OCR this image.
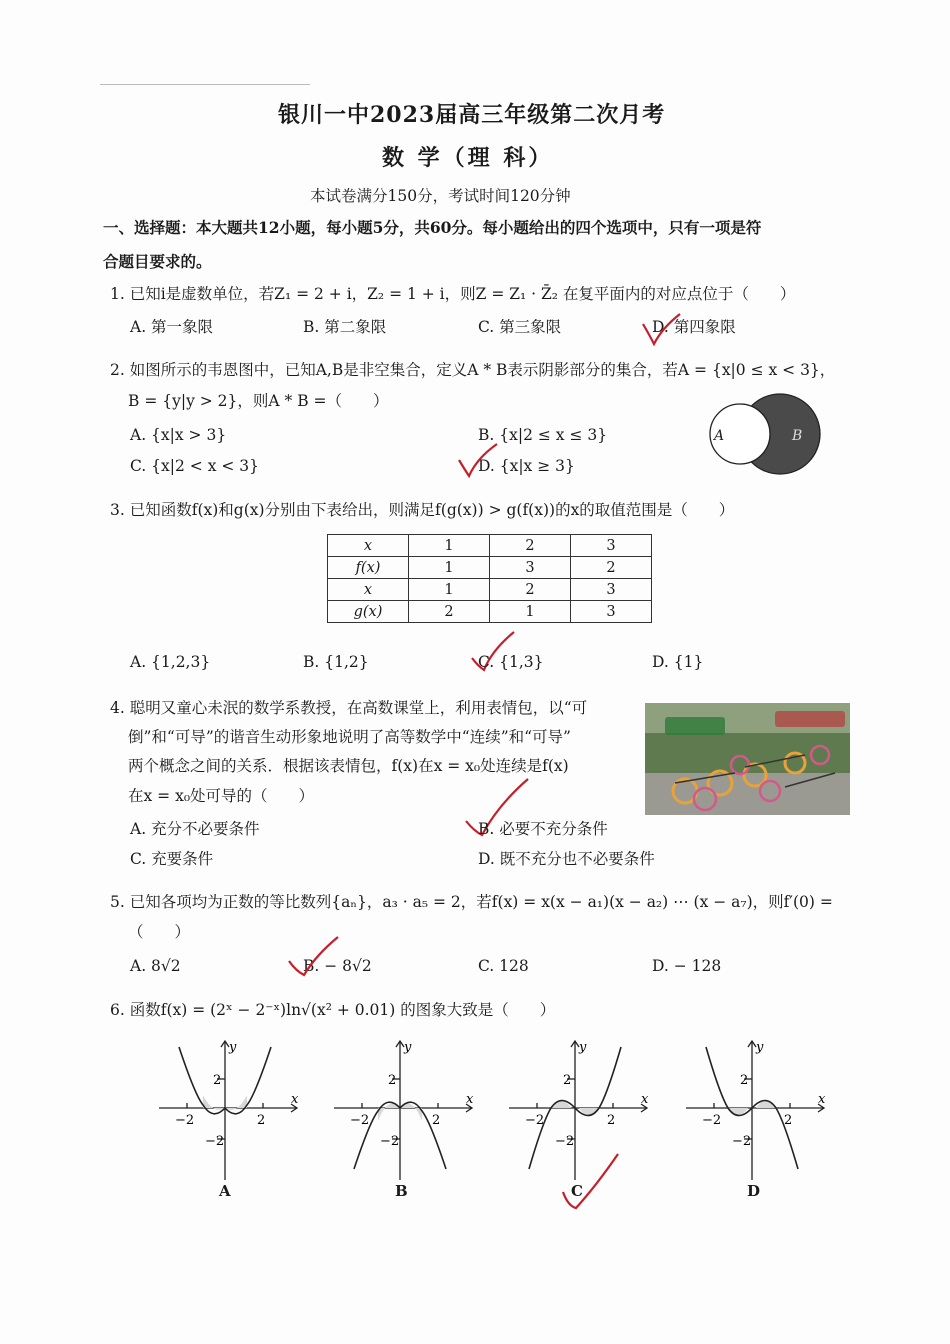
银川一中2023届高三年级第二次月考
数 学（理 科）
本试卷满分150分，考试时间120分钟
一、选择题：本大题共12小题，每小题5分，共60分。每小题给出的四个选项中，只有一项是符
合题目要求的。
1. 已知i是虚数单位，若Z₁ = 2 + i，Z₂ = 1 + i，则Z = Z₁ · Z̄₂ 在复平面内的对应点位于（　　）
A. 第一象限	B. 第二象限	C. 第三象限	D. 第四象限
2. 如图所示的韦恩图中，已知A,B是非空集合，定义A * B表示阴影部分的集合，若A = {x|0 ≤ x < 3}，
B = {y|y > 2}，则A * B =（　　）
A. {x|x > 3}	B. {x|2 ≤ x ≤ 3}
C. {x|2 < x < 3}	D. {x|x ≥ 3}
A	B
3. 已知函数f(x)和g(x)分别由下表给出，则满足f(g(x)) > g(f(x))的x的取值范围是（　　）
x	1	2	3
f(x)	1	3	2
x	1	2	3
g(x)	2	1	3
A. {1,2,3}	B. {1,2}	C. {1,3}	D. {1}
4. 聪明又童心未泯的数学系教授，在高数课堂上，利用表情包，以“可
倒”和“可导”的谐音生动形象地说明了高等数学中“连续”和“可导”
两个概念之间的关系．根据该表情包，f(x)在x = x₀处连续是f(x)
在x = x₀处可导的（　　）
A. 充分不必要条件	B. 必要不充分条件
C. 充要条件	D. 既不充分也不必要条件
5. 已知各项均为正数的等比数列{aₙ}，a₃ · a₅ = 2，若f(x) = x(x − a₁)(x − a₂) ⋯ (x − a₇)，则f′(0) =
（　　）
A. 8√2	B. − 8√2	C. 128	D. − 128
6. 函数f(x) = (2ˣ − 2⁻ˣ)ln√(x² + 0.01) 的图象大致是（　　）
y
x
2
−2
−2	2
A
y
x
2
−2
−2	2
B
y
x
2
−2
−2	2
C
y
x
2
−2
−2	2
D
